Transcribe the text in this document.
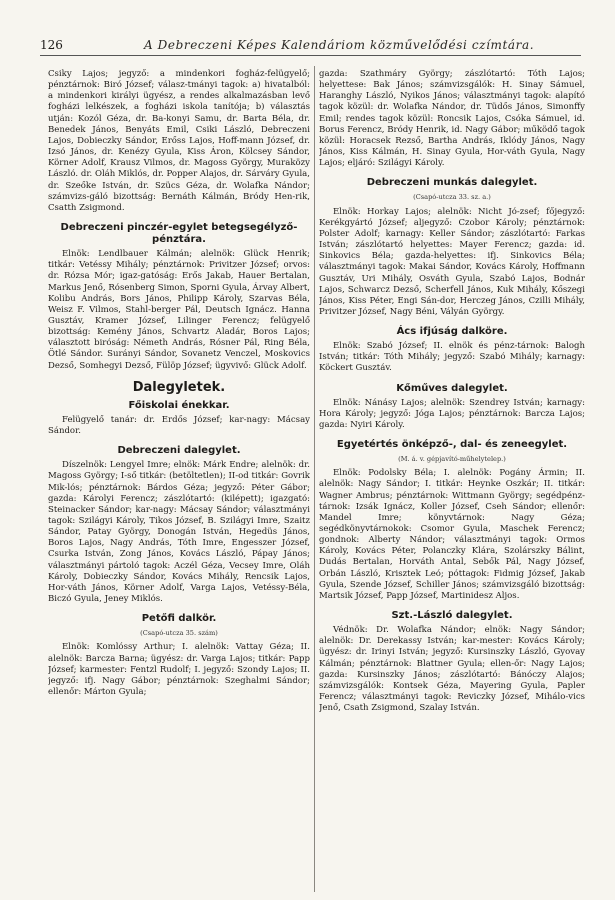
126	A Debreczeni Képes Kalendáriom közművelődési czímtára.

Csiky Lajos; jegyző: a mindenkori fogház-felügyelő; pénztárnok: Biró József; válasz-tmányi tagok: a) hivatalból: a mindenkori királyi ügyész, a rendes alkalmazásban levő fogházi lelkészek, a fogházi iskola tanítója; b) választás utján: Kozól Géza, dr. Ba-konyi Samu, dr. Barta Béla, dr. Benedek János, Benyáts Emil, Csiki László, Debreczeni Lajos, Dobieczky Sándor, Erőss Lajos, Hoff-mann József, dr. Izsó János, dr. Kenézy Gyula, Kiss Áron, Kölcsey Sándor, Körner Adolf, Krausz Vilmos, dr. Magoss György, Muraközy László. dr. Oláh Miklós, dr. Popper Alajos, dr. Sárváry Gyula, dr. Szeőke István, dr. Szücs Géza, dr. Wolafka Nándor; számvizs-gáló bizottság: Bernáth Kálmán, Bródy Hen-rik, Csatth Zsigmond.

Debreczeni pinczér-egylet betegsegélyző-pénztára.

Elnök: Lendlbauer Kálmán; alelnök: Glück Henrik; titkár: Vetéssy Mihály; pénztárnok: Privitzer József; orvos: dr. Rózsa Mór; igaz-gatóság: Erős Jakab, Hauer Bertalan, Markus Jenő, Rósenberg Simon, Sporni Gyula, Árvay Albert, Kolibu András, Bors János, Philipp Károly, Szarvas Béla, Weisz F. Vilmos, Stahl-berger Pál, Deutsch Ignácz. Hanna Gusztáv, Kramer József, Lilinger Ferencz; felügyelő bizottság: Kemény János, Schvartz Aladár, Boros Lajos; választott biróság: Németh András, Rósner Pál, Ring Béla, Ötlé Sándor. Surányi Sándor, Sovanetz Venczel, Moskovics Dezső, Somhegyi Dezső, Fülöp József; ügyvivő: Glück Adolf.

Dalegyletek.
Főiskolai énekkar.

Felügyelő tanár: dr. Erdős József; kar-nagy: Mácsay Sándor.

Debreczeni dalegylet.

Díszelnök: Lengyel Imre; elnök: Márk Endre; alelnök: dr. Magoss György; I-ső titkár: (betöltetlen); II-od titkár: Govrik Mik-lós; pénztárnok: Bárdos Géza; jegyző: Péter Gábor; gazda: Károlyi Ferencz; zászlótartó: (kilépett); igazgató: Steinacker Sándor; kar-nagy: Mácsay Sándor; választmányi tagok: Szilágyi Károly, Tikos József, B. Szilágyi Imre, Szaitz Sándor, Patay György, Donogán István, Hegedüs János, Boros Lajos, Nagy András, Tóth Imre, Engesszer József, Csurka István, Zong János, Kovács László, Pápay János; választmányi pártoló tagok: Aczél Géza, Vecsey Imre, Oláh Károly, Dobieczky Sándor, Kovács Mihály, Rencsik Lajos, Hor-váth János, Körner Adolf, Varga Lajos, Vetéssy-Béla, Biczó Gyula, Jeney Miklós.

Petőfi dalkör.
(Csapó-utcza 35. szám)

Elnök: Komlóssy Arthur; I. alelnök: Vattay Géza; II. alelnök: Barcza Barna; ügyész: dr. Varga Lajos; titkár: Papp József; karmester: Fentzl Rudolf; I. jegyző: Szondy Lajos; II. jegyző: ifj. Nagy Gábor; pénztárnok: Szeghalmi Sándor; ellenőr: Márton Gyula;

gazda: Szathmáry György; zászlótartó: Tóth Lajos; helyettese: Bak János; számvizsgálók: H. Sinay Sámuel, Haranghy László, Nyikos János; választmányi tagok: alapító tagok közül: dr. Wolafka Nándor, dr. Tüdős János, Simonffy Emil; rendes tagok közül: Roncsik Lajos, Csóka Sámuel, id. Borus Ferencz, Bródy Henrik, id. Nagy Gábor; működő tagok közül: Horacsek Rezső, Bartha András, Iklódy János, Nagy János, Kiss Kálmán, H. Sinay Gyula, Hor-váth Gyula, Nagy Lajos; eljáró: Szilágyi Károly.

Debreczeni munkás dalegylet.
(Csapó-utcza 33. sz. a.)

Elnök: Horkay Lajos; alelnök: Nicht Jó-zsef; főjegyző: Kerékgyártó József; aljegyző: Czobor Károly; pénztárnok: Polster Adolf; karnagy: Keller Sándor; zászlótartó: Farkas István; zászlótartó helyettes: Mayer Ferencz; gazda: id. Sinkovics Béla; gazda-helyettes: ifj. Sinkovics Béla; választmányi tagok: Makai Sándor, Kovács Károly, Hoffmann Gusztáv, Uri Mihály, Osváth Gyula, Szabó Lajos, Bodnár Lajos, Schwarcz Dezső, Scherfell János, Kuk Mihály, Kőszegi János, Kiss Péter, Engi Sán-dor, Herczeg János, Czilli Mihály, Privitzer József, Nagy Béni, Vályán György.

Ács ifjúság dalköre.

Elnök: Szabó József; II. elnök és pénz-tárnok: Balogh István; titkár: Tóth Mihály; jegyző: Szabó Mihály; karnagy: Köckert Gusztáv.

Kőműves dalegylet.

Elnök: Nánásy Lajos; alelnök: Szendrey István; karnagy: Hora Károly; jegyző: Jóga Lajos; pénztárnok: Barcza Lajos; gazda: Nyiri Károly.

Egyetértés önképző-, dal- és zeneegylet.
(M. á. v. gépjavító-műhelytelep.)

Elnök: Podolsky Béla; I. alelnök: Pogány Ármin; II. alelnök: Nagy Sándor; I. titkár: Heynke Oszkár; II. titkár: Wagner Ambrus; pénztárnok: Wittmann György; segédpénz-tárnok: Izsák Ignácz, Koller József, Cseh Sándor; ellenőr: Mandel Imre; könyvtárnok: Nagy Géza; segédkönyvtárnokok: Csomor Gyula, Maschek Ferencz; gondnok: Alberty Nándor; választmányi tagok: Ormos Károly, Kovács Péter, Polanczky Klára, Szolárszky Bálint, Dudás Bertalan, Horváth Antal, Sebők Pál, Nagy József, Orbán László, Krisztek Leó; póttagok: Fidmig József, Jakab Gyula, Szende József, Schiller János; számvizsgáló bizottság: Martsik József, Papp József, Martinidesz Aljos.

Szt.-László dalegylet.

Védnök: Dr. Wolafka Nándor; elnök: Nagy Sándor; alelnök: Dr. Derekassy István; kar-mester: Kovács Károly; ügyész: dr. Irinyi István; jegyző: Kursinszky László, Gyovay Kálmán; pénztárnok: Blattner Gyula; ellen-őr: Nagy Lajos; gazda: Kursinszky János; zászlótartó: Bánóczy Alajos; számvizsgálók: Kontsek Géza, Mayering Gyula, Papler Ferencz; választmányi tagok: Reviczky József, Mihálo-vics Jenő, Csath Zsigmond, Szalay István.
